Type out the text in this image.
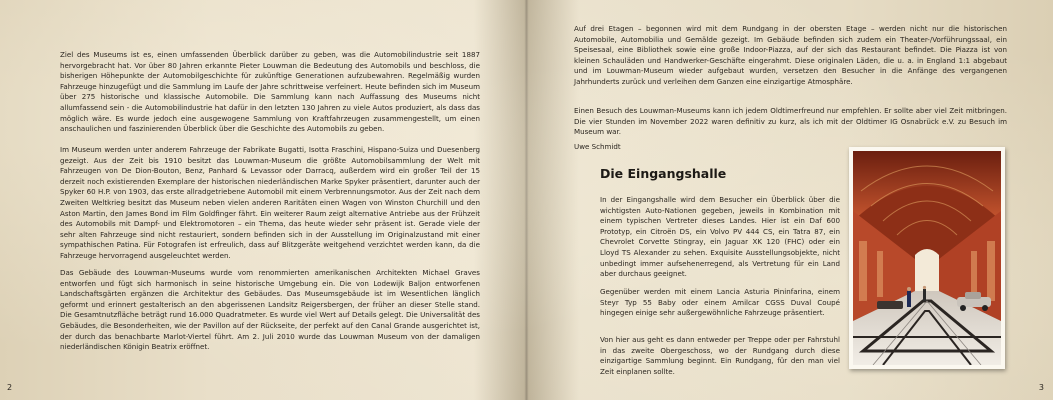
Ziel des Museums ist es, einen umfassenden Überblick darüber zu geben, was die Automobilindustrie seit 1887 hervorgebracht hat. Vor über 80 Jahren erkannte Pieter Louwman die Bedeutung des Automobils und beschloss, die bisherigen Höhepunkte der Automobilgeschichte für zukünftige Generationen aufzubewahren. Regelmäßig wurden Fahrzeuge hinzugefügt und die Sammlung im Laufe der Jahre schrittweise verfeinert. Heute befinden sich im Museum über 275 historische und klassische Automobile. Die Sammlung kann nach Auffassung des Museums nicht allumfassend sein - die Automobilindustrie hat dafür in den letzten 130 Jahren zu viele Autos produziert, als dass das möglich wäre. Es wurde jedoch eine ausgewogene Sammlung von Kraftfahrzeugen zusammengestellt, um einen anschaulichen und faszinierenden Überblick über die Geschichte des Automobils zu geben.

Im Museum werden unter anderem Fahrzeuge der Fabrikate Bugatti, Isotta Fraschini, Hispano-Suiza und Duesenberg gezeigt. Aus der Zeit bis 1910 besitzt das Louwman-Museum die größte Automobilsammlung der Welt mit Fahrzeugen von De Dion-Bouton, Benz, Panhard & Levassor oder Darracq, außerdem wird ein großer Teil der 15 derzeit noch existierenden Exemplare der historischen niederländischen Marke Spyker präsentiert, darunter auch der Spyker 60 H.P. von 1903, das erste allradgetriebene Automobil mit einem Verbrennungsmotor. Aus der Zeit nach dem Zweiten Weltkrieg besitzt das Museum neben vielen anderen Raritäten einen Wagen von Winston Churchill und den Aston Martin, den James Bond im Film Goldfinger fährt. Ein weiterer Raum zeigt alternative Antriebe aus der Frühzeit des Automobils mit Dampf- und Elektromotoren – ein Thema, das heute wieder sehr präsent ist. Gerade viele der sehr alten Fahrzeuge sind nicht restauriert, sondern befinden sich in der Ausstellung im Originalzustand mit einer sympathischen Patina. Für Fotografen ist erfreulich, dass auf Blitzgeräte weitgehend verzichtet werden kann, da die Fahrzeuge hervorragend ausgeleuchtet werden.

Das Gebäude des Louwman-Museums wurde vom renommierten amerikanischen Architekten Michael Graves entworfen und fügt sich harmonisch in seine historische Umgebung ein. Die von Lodewijk Baljon entworfenen Landschaftsgärten ergänzen die Architektur des Gebäudes. Das Museumsgebäude ist im Wesentlichen länglich geformt und erinnert gestalterisch an den abgerissenen Landsitz Reigersbergen, der früher an dieser Stelle stand. Die Gesamtnutzfläche beträgt rund 16.000 Quadratmeter. Es wurde viel Wert auf Details gelegt. Die Universalität des Gebäudes, die Besonderheiten, wie der Pavillon auf der Rückseite, der perfekt auf den Canal Grande ausgerichtet ist, der durch das benachbarte Marlot-Viertel führt. Am 2. Juli 2010 wurde das Louwman Museum von der damaligen niederländischen Königin Beatrix eröffnet.

2

Auf drei Etagen – begonnen wird mit dem Rundgang in der obersten Etage – werden nicht nur die historischen Automobile, Automobilia und Gemälde gezeigt. Im Gebäude befinden sich zudem ein Theater-/Vorführungssaal, ein Speisesaal, eine Bibliothek sowie eine große Indoor-Piazza, auf der sich das Restaurant befindet. Die Piazza ist von kleinen Schauläden und Handwerker-Geschäfte eingerahmt. Diese originalen Läden, die u. a. in England 1:1 abgebaut und im Louwman-Museum wieder aufgebaut wurden, versetzen den Besucher in die Anfänge des vergangenen Jahrhunderts zurück und verleihen dem Ganzen eine einzigartige Atmosphäre.

Einen Besuch des Louwman-Museums kann ich jedem Oldtimerfreund nur empfehlen. Er sollte aber viel Zeit mitbringen. Die vier Stunden im November 2022 waren definitiv zu kurz, als ich mit der Oldtimer IG Osnabrück e.V. zu Besuch im Museum war.

Uwe Schmidt

Die Eingangshalle

In der Eingangshalle wird dem Besucher ein Überblick über die wichtigsten Auto-Nationen gegeben, jeweils in Kombination mit einem typischen Vertreter dieses Landes. Hier ist ein Daf 600 Prototyp, ein Citroën DS, ein Volvo PV 444 CS, ein Tatra 87, ein Chevrolet Corvette Stingray, ein Jaguar XK 120 (FHC) oder ein Lloyd TS Alexander zu sehen. Exquisite Ausstellungsobjekte, nicht unbedingt immer aufsehenerregend, als Vertretung für ein Land aber durchaus geeignet.

Gegenüber werden mit einem Lancia Asturia Pininfarina, einem Steyr Typ 55 Baby oder einem Amilcar CGSS Duval Coupé hingegen einige sehr außergewöhnliche Fahrzeuge präsentiert.

Von hier aus geht es dann entweder per Treppe oder per Fahrstuhl in das zweite Obergeschoss, wo der Rundgang durch diese einzigartige Sammlung beginnt. Ein Rundgang, für den man viel Zeit einplanen sollte.

3
